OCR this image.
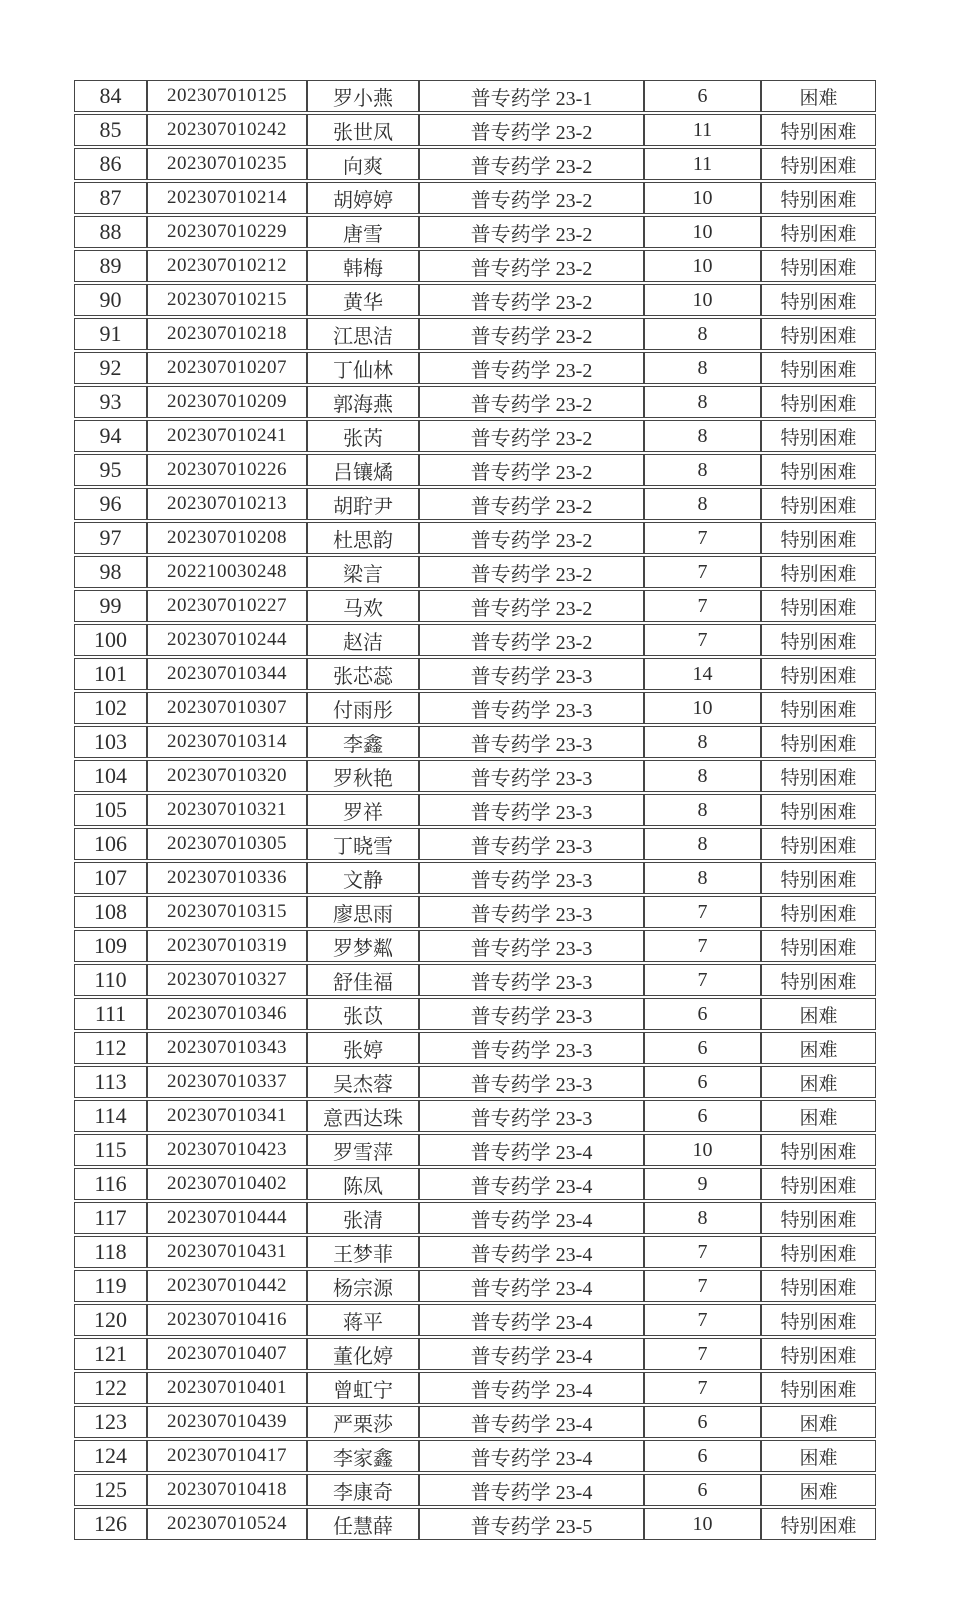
84	202307010125	罗小燕	普专药学 23-1	6	困难
85	202307010242	张世凤	普专药学 23-2	11	特别困难
86	202307010235	向爽	普专药学 23-2	11	特别困难
87	202307010214	胡婷婷	普专药学 23-2	10	特别困难
88	202307010229	唐雪	普专药学 23-2	10	特别困难
89	202307010212	韩梅	普专药学 23-2	10	特别困难
90	202307010215	黄华	普专药学 23-2	10	特别困难
91	202307010218	江思洁	普专药学 23-2	8	特别困难
92	202307010207	丁仙林	普专药学 23-2	8	特别困难
93	202307010209	郭海燕	普专药学 23-2	8	特别困难
94	202307010241	张芮	普专药学 23-2	8	特别困难
95	202307010226	吕镶燏	普专药学 23-2	8	特别困难
96	202307010213	胡聍尹	普专药学 23-2	8	特别困难
97	202307010208	杜思韵	普专药学 23-2	7	特别困难
98	202210030248	梁言	普专药学 23-2	7	特别困难
99	202307010227	马欢	普专药学 23-2	7	特别困难
100	202307010244	赵洁	普专药学 23-2	7	特别困难
101	202307010344	张芯蕊	普专药学 23-3	14	特别困难
102	202307010307	付雨彤	普专药学 23-3	10	特别困难
103	202307010314	李鑫	普专药学 23-3	8	特别困难
104	202307010320	罗秋艳	普专药学 23-3	8	特别困难
105	202307010321	罗祥	普专药学 23-3	8	特别困难
106	202307010305	丁晓雪	普专药学 23-3	8	特别困难
107	202307010336	文静	普专药学 23-3	8	特别困难
108	202307010315	廖思雨	普专药学 23-3	7	特别困难
109	202307010319	罗梦粼	普专药学 23-3	7	特别困难
110	202307010327	舒佳福	普专药学 23-3	7	特别困难
111	202307010346	张苡	普专药学 23-3	6	困难
112	202307010343	张婷	普专药学 23-3	6	困难
113	202307010337	吴杰蓉	普专药学 23-3	6	困难
114	202307010341	意西达珠	普专药学 23-3	6	困难
115	202307010423	罗雪萍	普专药学 23-4	10	特别困难
116	202307010402	陈凤	普专药学 23-4	9	特别困难
117	202307010444	张清	普专药学 23-4	8	特别困难
118	202307010431	王梦菲	普专药学 23-4	7	特别困难
119	202307010442	杨宗源	普专药学 23-4	7	特别困难
120	202307010416	蒋平	普专药学 23-4	7	特别困难
121	202307010407	董化婷	普专药学 23-4	7	特别困难
122	202307010401	曾虹宁	普专药学 23-4	7	特别困难
123	202307010439	严栗莎	普专药学 23-4	6	困难
124	202307010417	李家鑫	普专药学 23-4	6	困难
125	202307010418	李康奇	普专药学 23-4	6	困难
126	202307010524	任慧薛	普专药学 23-5	10	特别困难
